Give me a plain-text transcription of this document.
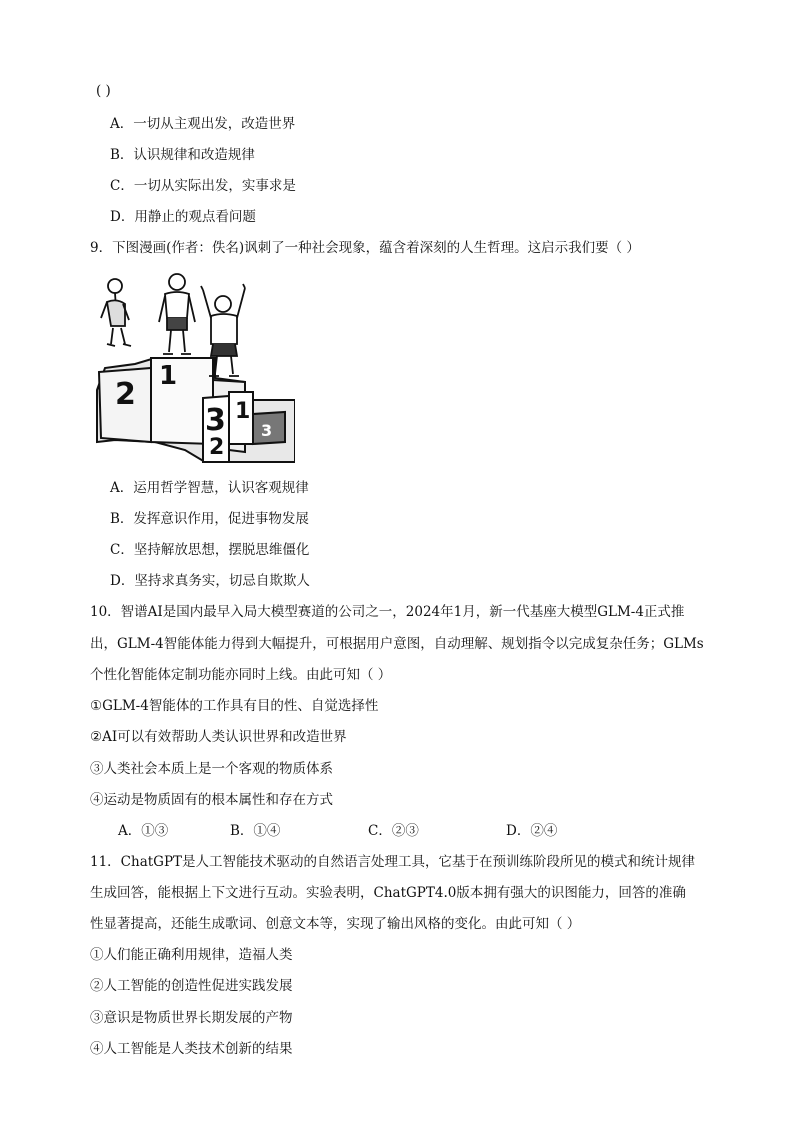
( )
A．一切从主观出发，改造世界
B．认识规律和改造规律
C．一切从实际出发，实事求是
D．用静止的观点看问题
9．下图漫画(作者：佚名)讽刺了一种社会现象，蕴含着深刻的人生哲理。这启示我们要（ ）
2
1
3 1
2
3
A．运用哲学智慧，认识客观规律
B．发挥意识作用，促进事物发展
C．坚持解放思想，摆脱思维僵化
D．坚持求真务实，切忌自欺欺人
10．智谱AI是国内最早入局大模型赛道的公司之一，2024年1月，新一代基座大模型GLM-4正式推
出，GLM-4智能体能力得到大幅提升，可根据用户意图，自动理解、规划指令以完成复杂任务；GLMs
个性化智能体定制功能亦同时上线。由此可知（ ）
①GLM-4智能体的工作具有目的性、自觉选择性
②AI可以有效帮助人类认识世界和改造世界
③人类社会本质上是一个客观的物质体系
④运动是物质固有的根本属性和存在方式
A．①③	B．①④	C．②③	D．②④
11．ChatGPT是人工智能技术驱动的自然语言处理工具，它基于在预训练阶段所见的模式和统计规律
生成回答，能根据上下文进行互动。实验表明，ChatGPT4.0版本拥有强大的识图能力，回答的准确
性显著提高，还能生成歌词、创意文本等，实现了输出风格的变化。由此可知（ ）
①人们能正确利用规律，造福人类
②人工智能的创造性促进实践发展
③意识是物质世界长期发展的产物
④人工智能是人类技术创新的结果
